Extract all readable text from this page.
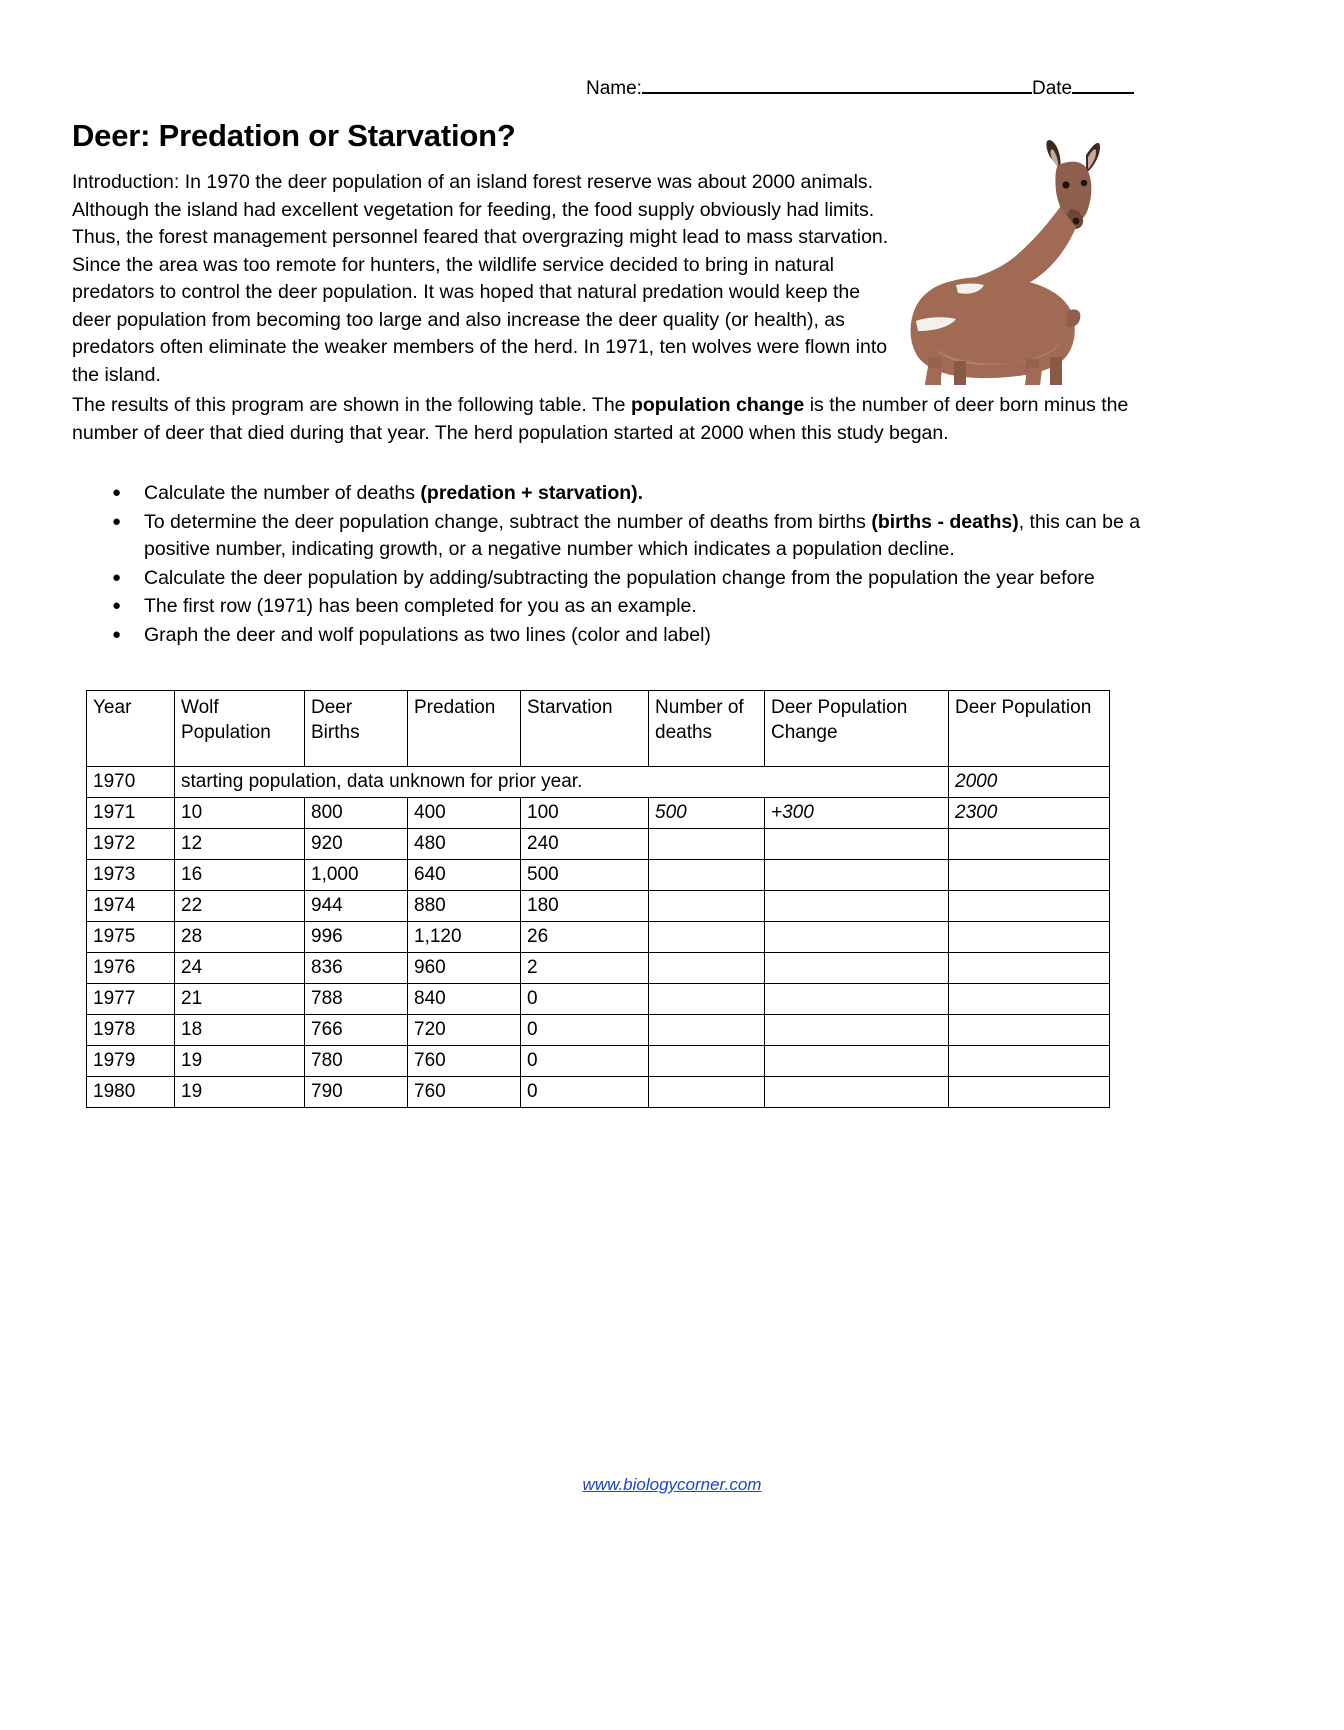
Name:	Date
Deer: Predation or Starvation?
Introduction: In 1970 the deer population of an island forest reserve was about 2000 animals. Although the island had excellent vegetation for feeding, the food supply obviously had limits. Thus, the forest management personnel feared that overgrazing might lead to mass starvation. Since the area was too remote for hunters, the wildlife service decided to bring in natural predators to control the deer population. It was hoped that natural predation would keep the deer population from becoming too large and also increase the deer quality (or health), as predators often eliminate the weaker members of the herd. In 1971, ten wolves were flown into the island.
The results of this program are shown in the following table. The population change is the number of deer born minus the number of deer that died during that year. The herd population started at 2000 when this study began.
● Calculate the number of deaths (predation + starvation).
● To determine the deer population change, subtract the number of deaths from births (births - deaths), this can be a positive number, indicating growth, or a negative number which indicates a population decline.
● Calculate the deer population by adding/subtracting the population change from the population the year before
● The first row (1971) has been completed for you as an example.
● Graph the deer and wolf populations as two lines (color and label)
Year	Wolf Population	Deer Births	Predation	Starvation	Number of deaths	Deer Population Change	Deer Population
1970	starting population, data unknown for prior year.						2000
1971	10	800	400	100	500	+300	2300
1972	12	920	480	240			
1973	16	1,000	640	500			
1974	22	944	880	180			
1975	28	996	1,120	26			
1976	24	836	960	2			
1977	21	788	840	0			
1978	18	766	720	0			
1979	19	780	760	0			
1980	19	790	760	0			
www.biologycorner.com
